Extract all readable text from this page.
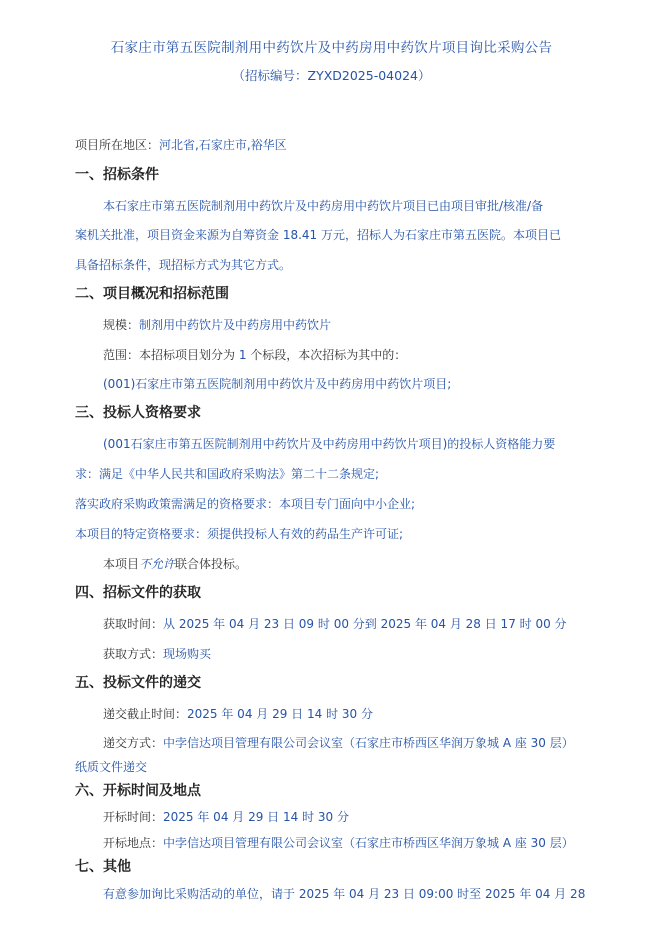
石家庄市第五医院制剂用中药饮片及中药房用中药饮片项目询比采购公告
（招标编号：ZYXD2025-04024）
项目所在地区：河北省,石家庄市,裕华区
一、招标条件
本石家庄市第五医院制剂用中药饮片及中药房用中药饮片项目已由项目审批/核准/备
案机关批准，项目资金来源为自筹资金 18.41 万元，招标人为石家庄市第五医院。本项目已
具备招标条件，现招标方式为其它方式。
二、项目概况和招标范围
规模：制剂用中药饮片及中药房用中药饮片
范围：本招标项目划分为 1 个标段，本次招标为其中的：
(001)石家庄市第五医院制剂用中药饮片及中药房用中药饮片项目;
三、投标人资格要求
(001石家庄市第五医院制剂用中药饮片及中药房用中药饮片项目)的投标人资格能力要
求：满足《中华人民共和国政府采购法》第二十二条规定;
落实政府采购政策需满足的资格要求：本项目专门面向中小企业;
本项目的特定资格要求：须提供投标人有效的药品生产许可证;
本项目不允许联合体投标。
四、招标文件的获取
获取时间：从 2025 年 04 月 23 日 09 时 00 分到 2025 年 04 月 28 日 17 时 00 分
获取方式：现场购买
五、投标文件的递交
递交截止时间：2025 年 04 月 29 日 14 时 30 分
递交方式：中孛信达项目管理有限公司会议室（石家庄市桥西区华润万象城 A 座 30 层）
纸质文件递交
六、开标时间及地点
开标时间：2025 年 04 月 29 日 14 时 30 分
开标地点：中孛信达项目管理有限公司会议室（石家庄市桥西区华润万象城 A 座 30 层）
七、其他
有意参加询比采购活动的单位，请于 2025 年 04 月 23 日 09:00 时至 2025 年 04 月 28
